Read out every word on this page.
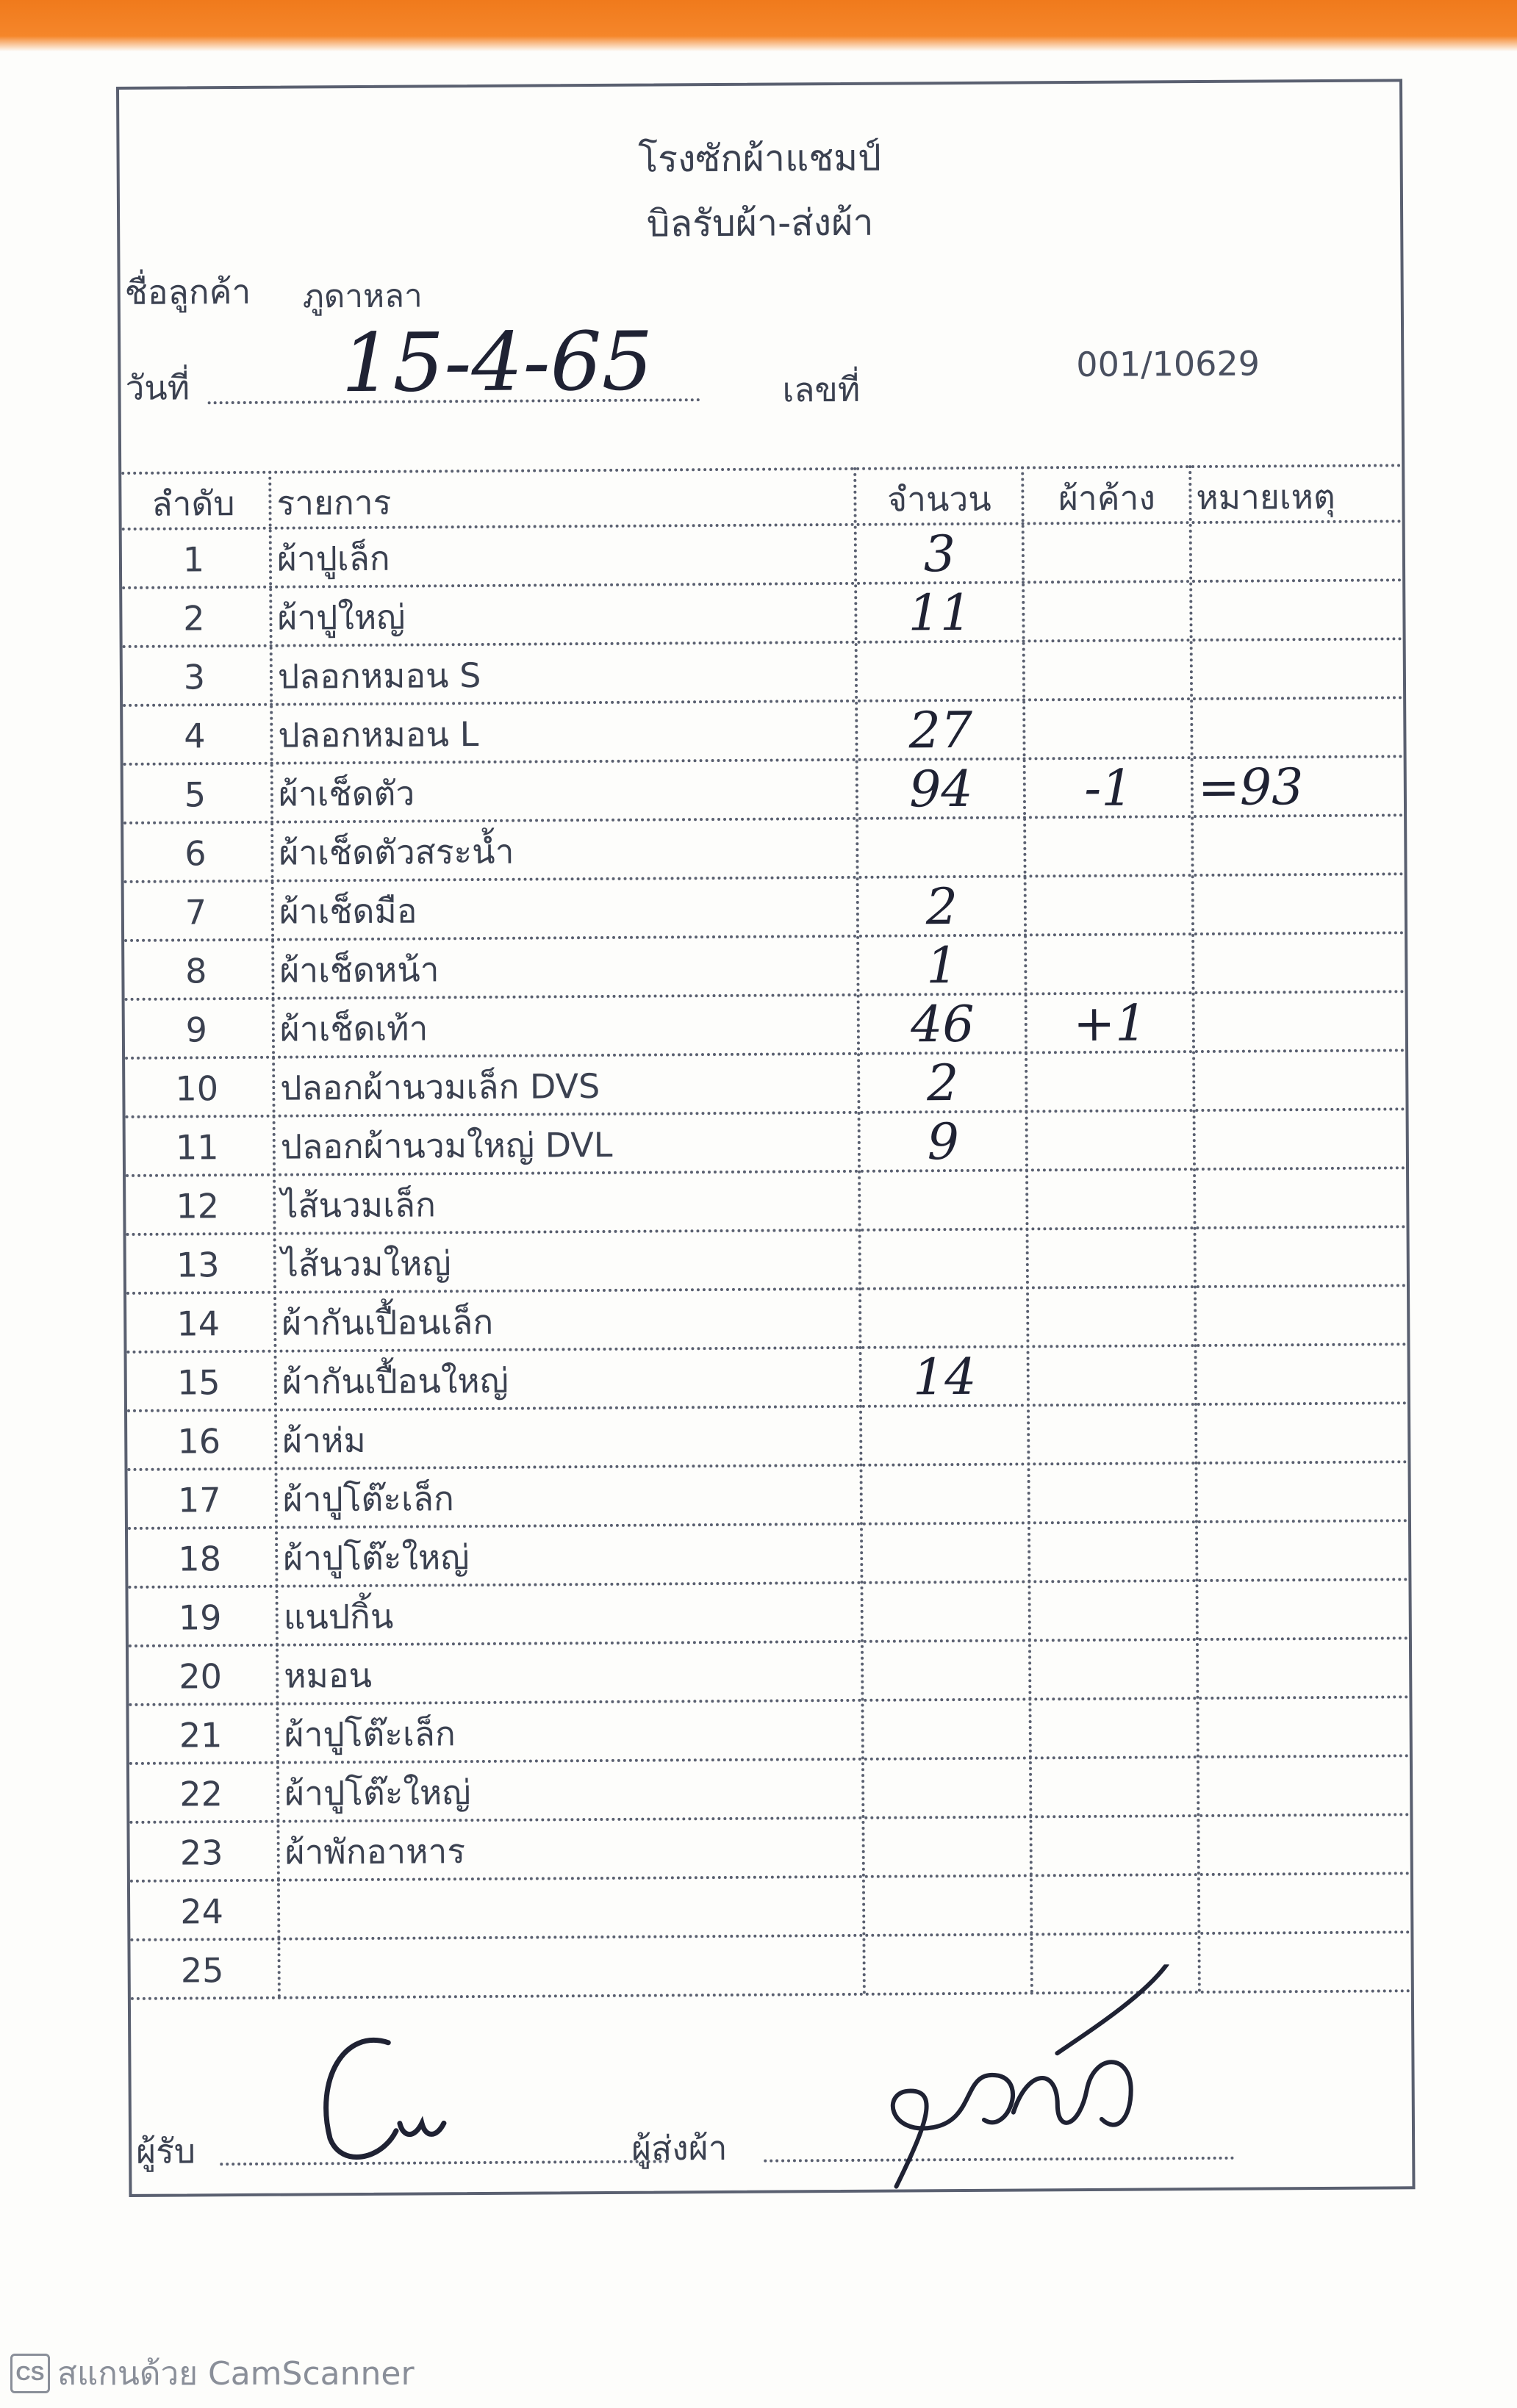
โรงซักผ้าแชมป์
บิลรับผ้า-ส่งผ้า
ชื่อลูกค้า ภูดาหลา
วันที่ 15-4-65	เลขที่
001/10629
ลำดับ	รายการ	จำนวน	ผ้าค้าง	หมายเหตุ
1	ผ้าปูเล็ก	3
2	ผ้าปูใหญ่	11
3	ปลอกหมอน S
4	ปลอกหมอน L	27
5	ผ้าเช็ดตัว	94	-1	=93
6	ผ้าเช็ดตัวสระน้ำ
7	ผ้าเช็ดมือ	2
8	ผ้าเช็ดหน้า	1
9	ผ้าเช็ดเท้า	46	+1
10	ปลอกผ้านวมเล็ก DVS	2
11	ปลอกผ้านวมใหญ่ DVL	9
12	ไส้นวมเล็ก
13	ไส้นวมใหญ่
14	ผ้ากันเปื้อนเล็ก
15	ผ้ากันเปื้อนใหญ่	14
16	ผ้าห่ม
17	ผ้าปูโต๊ะเล็ก
18	ผ้าปูโต๊ะใหญ่
19	แนปกิ้น
20	หมอน
21	ผ้าปูโต๊ะเล็ก
22	ผ้าปูโต๊ะใหญ่
23	ผ้าพักอาหาร
24
25
ผู้รับ	ผู้ส่งผ้า
CS สแกนด้วย CamScanner
